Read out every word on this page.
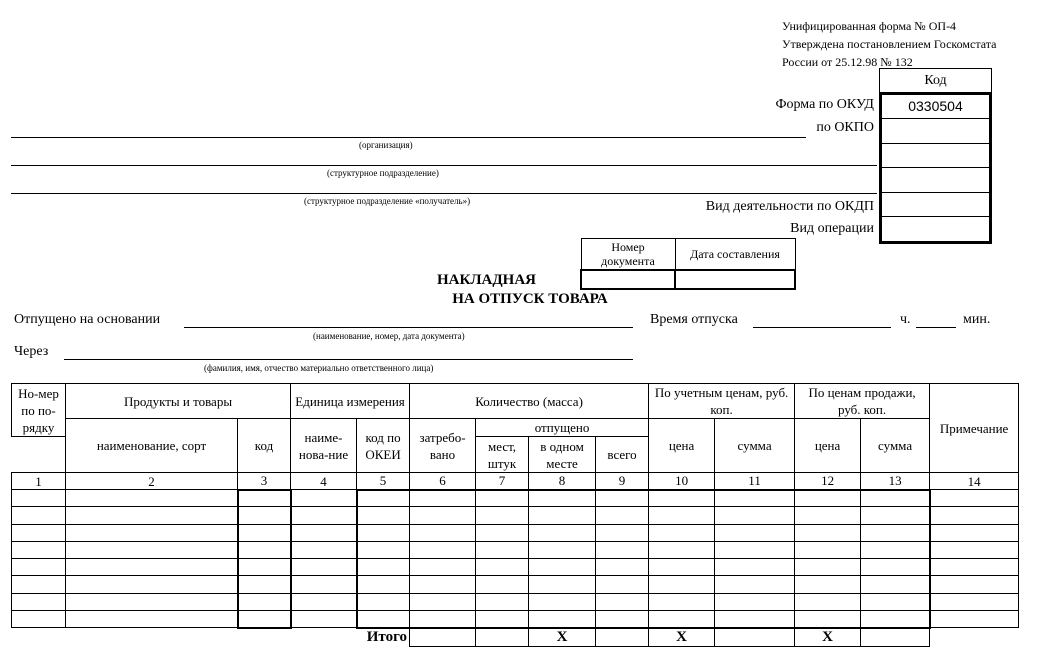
Унифицированная форма № ОП-4
Утверждена постановлением Госкомстата
России от 25.12.98 № 132
Код
0330504
Форма по ОКУД
по ОКПО
Вид деятельности по ОКДП
Вид операции
(организация)
(структурное подразделение)
(структурное подразделение «получатель»)
Номер документа	Дата составления

НАКЛАДНАЯ
НА ОТПУСК ТОВАРА
Отпущено на основании
(наименование, номер, дата документа)
Время отпуска	ч.	мин.
Через
(фамилия, имя, отчество материально ответственного лица)
Но-мер по по-рядку	Продукты и товары		Единица измерения		Количество (масса)				По учетным ценам, руб. коп.		По ценам продажи, руб. коп.		Примечание
	наименование, сорт	код	наиме-нова-ние	код по ОКЕИ	затребо-вано	отпущено			цена	сумма	цена	сумма	
						мест, штук	в одном месте	всего					
1	2	3	4	5	6	7	8	9	10	11	12	13	14

				Итого			Х		Х		Х		
